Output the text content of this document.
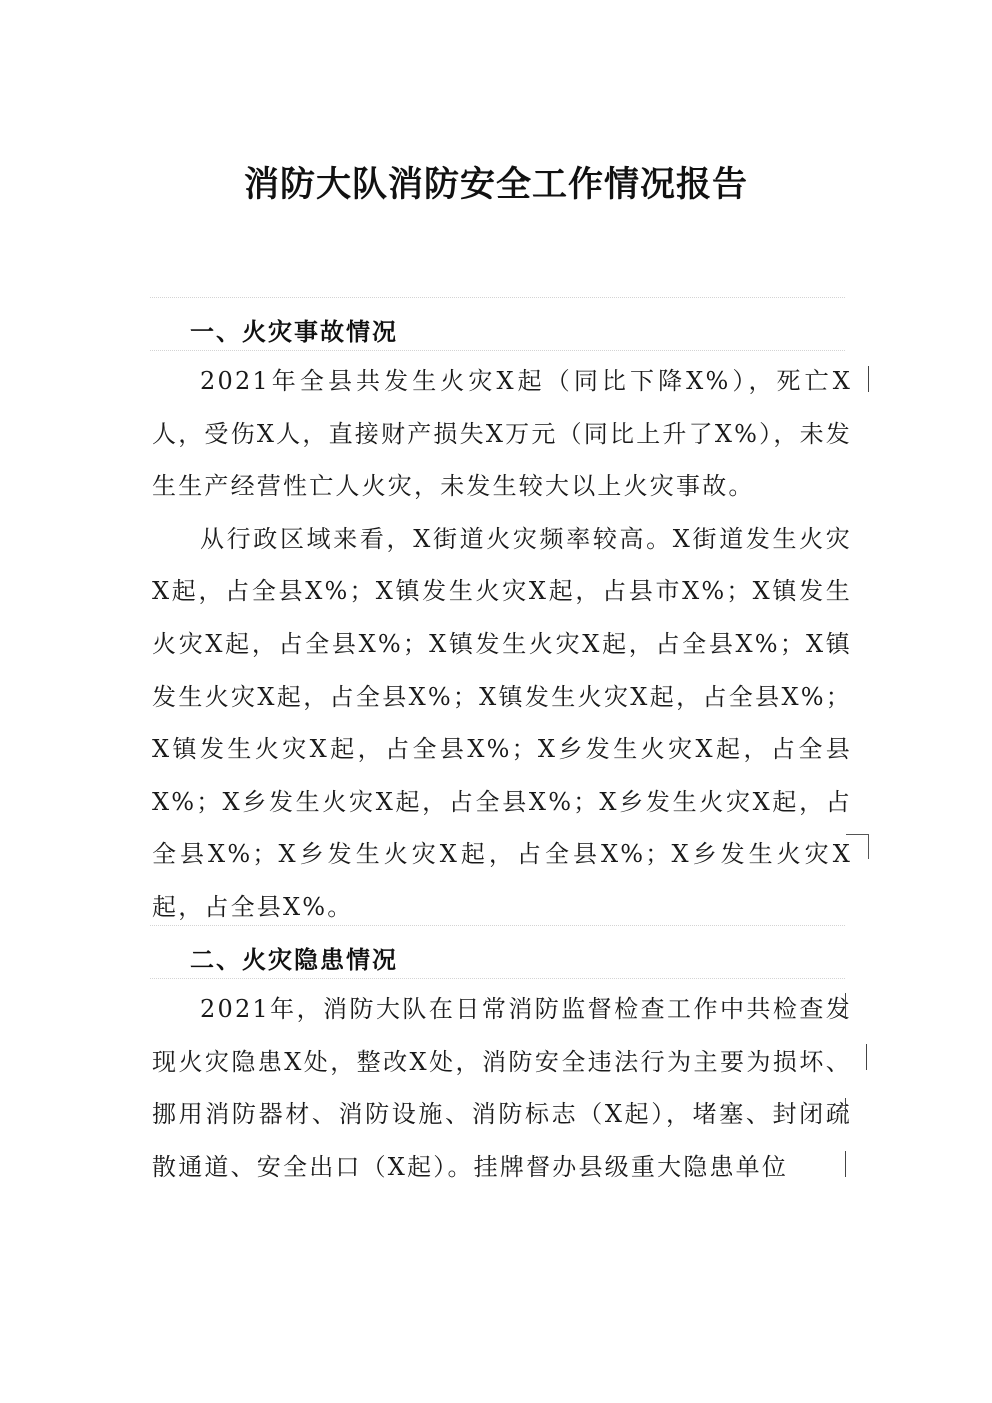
消防大队消防安全工作情况报告
一、火灾事故情况

2021年全县共发生火灾X起（同比下降X%），死亡X人，受伤X人，直接财产损失X万元（同比上升了X%），未发生生产经营性亡人火灾，未发生较大以上火灾事故。

从行政区域来看，X街道火灾频率较高。X街道发生火灾X起，占全县X%；X镇发生火灾X起，占县市X%；X镇发生火灾X起，占全县X%；X镇发生火灾X起，占全县X%；X镇发生火灾X起，占全县X%；X镇发生火灾X起，占全县X%；X镇发生火灾X起，占全县X%；X乡发生火灾X起，占全县X%；X乡发生火灾X起，占全县X%；X乡发生火灾X起，占全县X%；X乡发生火灾X起，占全县X%；X乡发生火灾X起，占全县X%。

二、火灾隐患情况

2021年，消防大队在日常消防监督检查工作中共检查发现火灾隐患X处，整改X处，消防安全违法行为主要为损坏、挪用消防器材、消防设施、消防标志（X起），堵塞、封闭疏散通道、安全出口（X起）。挂牌督办县级重大隐患单位
